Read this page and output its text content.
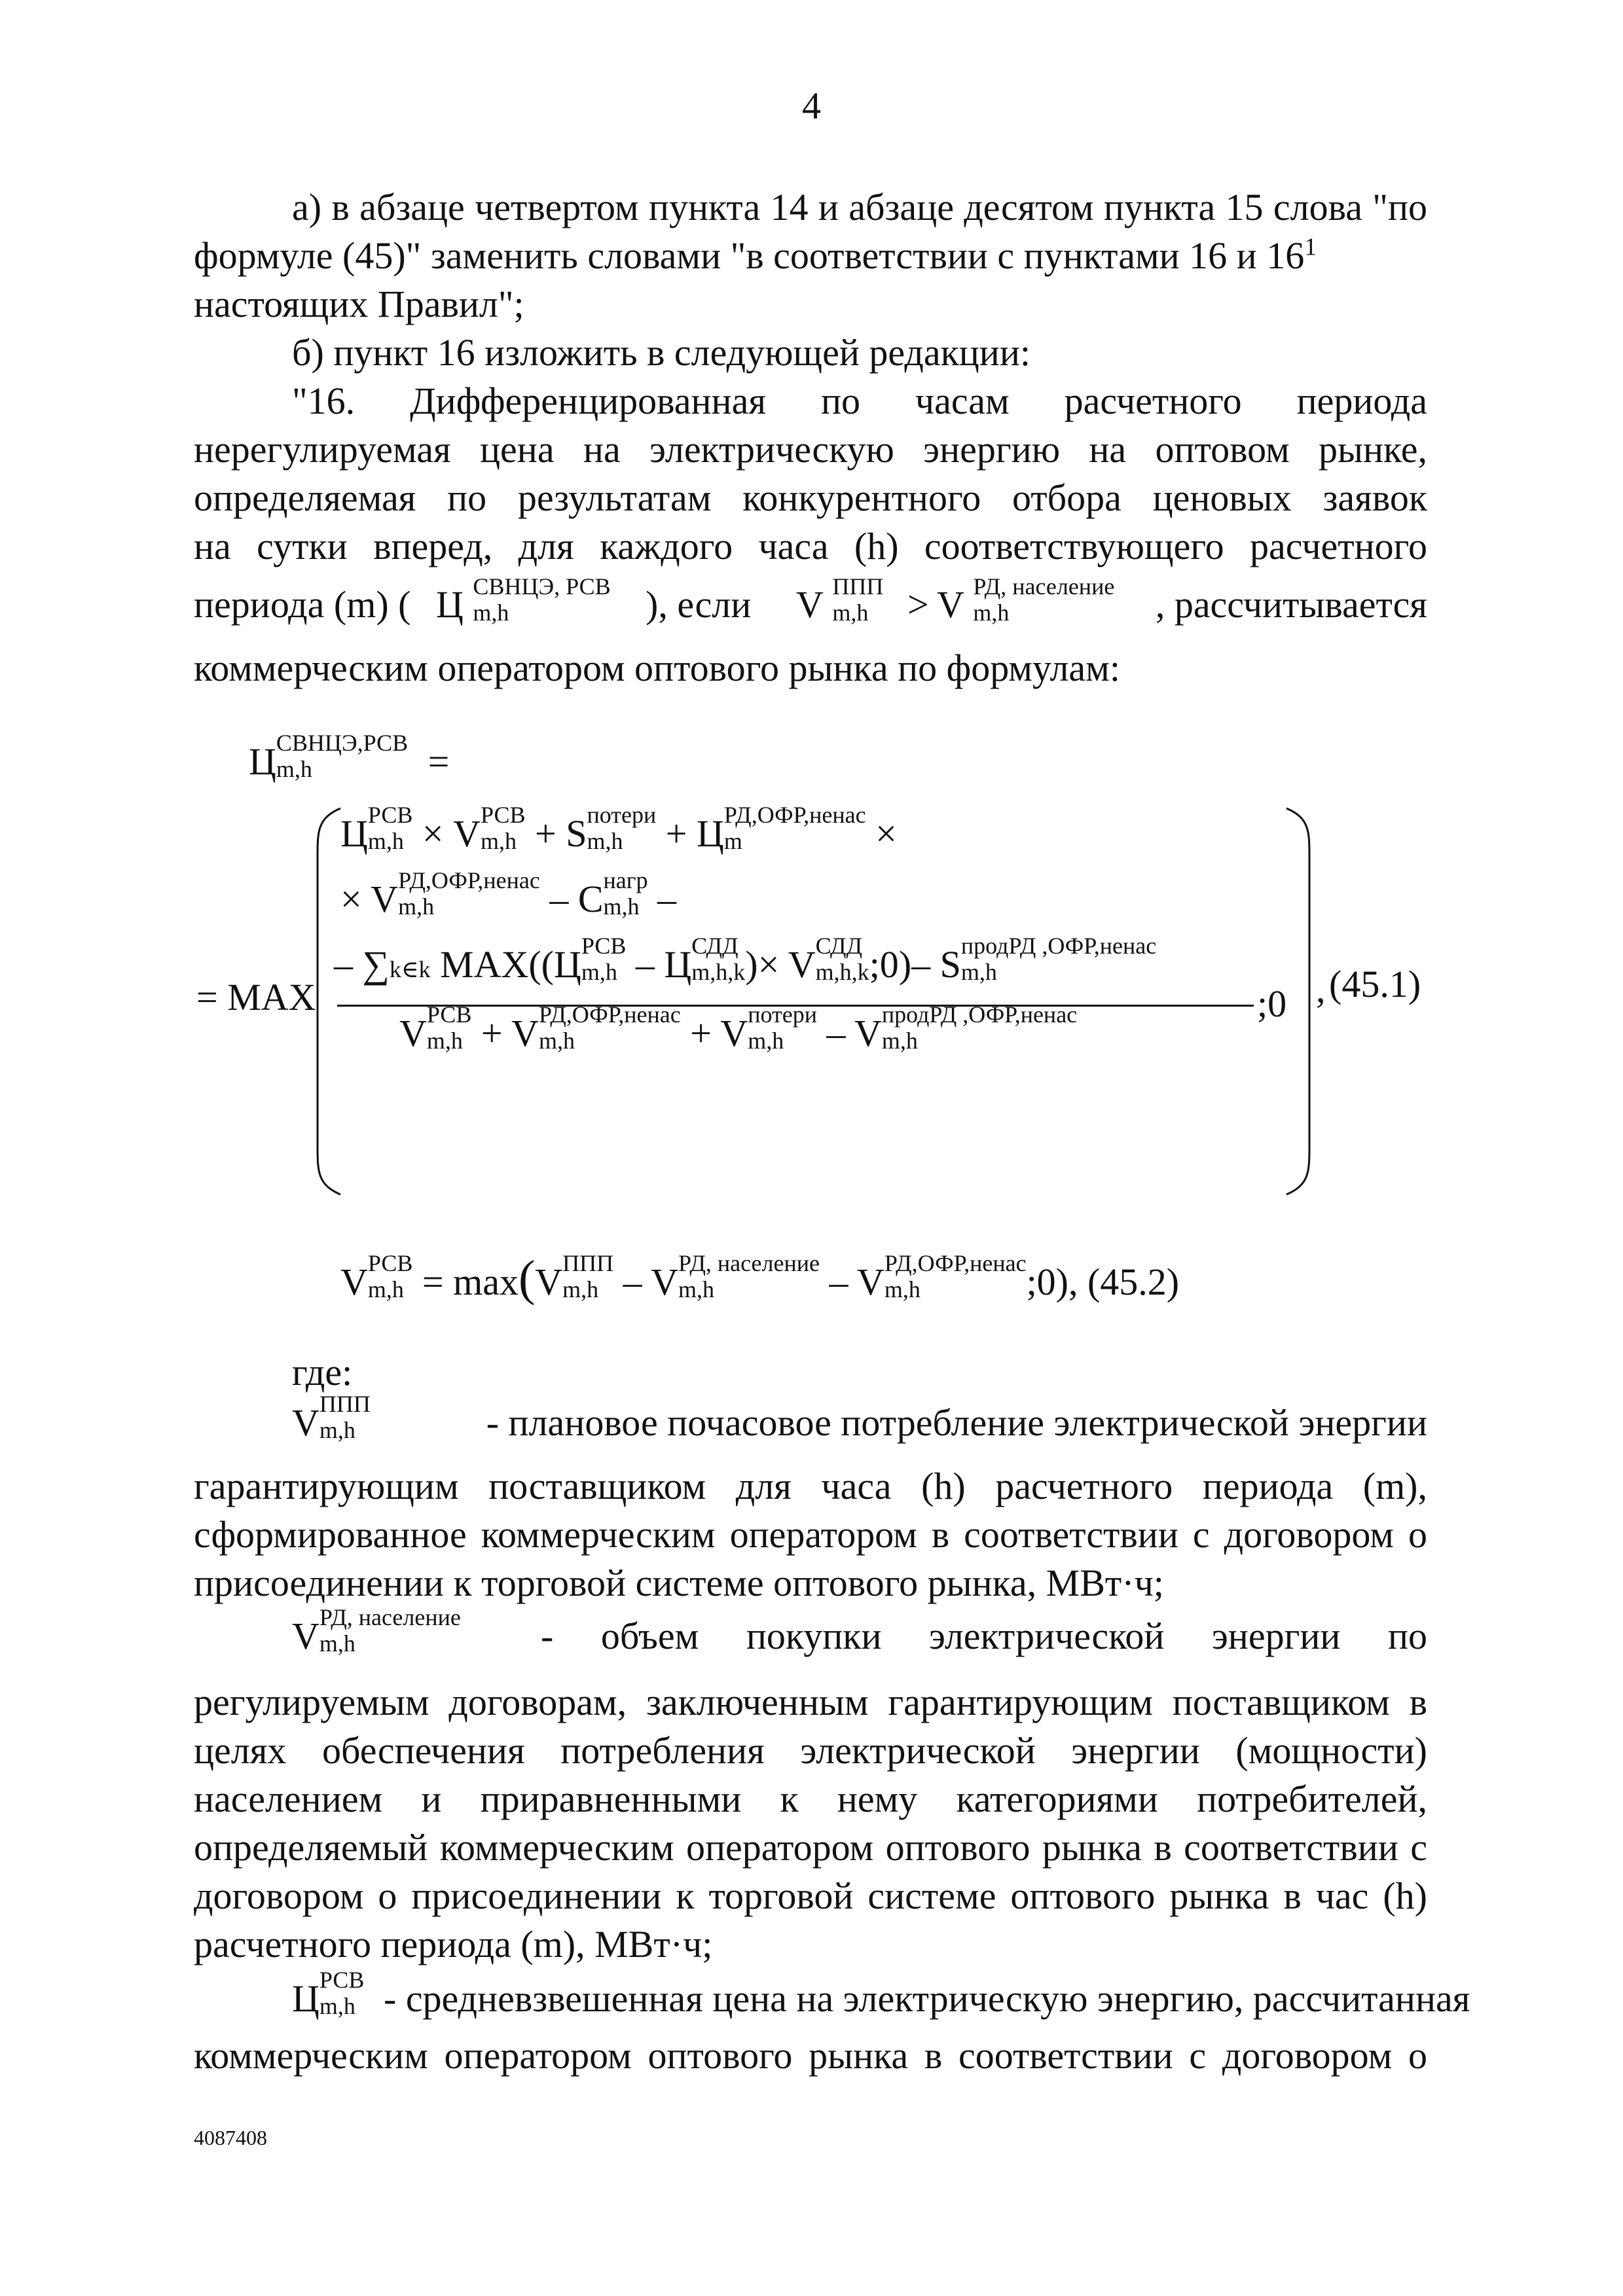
4
а) в абзаце четвертом пункта 14 и абзаце десятом пункта 15 слова "по
формуле (45)" заменить словами "в соответствии с пунктами 16 и $16^1$
настоящих Правил";
б) пункт 16 изложить в следующей редакции:
"16. Дифференцированная по часам расчетного периода
нерегулируемая цена на электрическую энергию на оптовом рынке,
определяемая по результатам конкурентного отбора ценовых заявок
на сутки вперед, для каждого часа (h) соответствующего расчетного
периода (m) ( Ц СВНЦЭ, РСВ
m,h	), если V ППП
m,h	> V РД, население
m,h	, рассчитывается
коммерческим оператором оптового рынка по формулам:
Ц СВНЦЭ,РСВ
m,h	=
Ц РСВ
m,h × V РСВ
m,h + S потери
m,h	+ Ц РД,ОФР,ненас
m	×
× V РД,ОФР,ненас
m,h	– С нагр
m,h –
– ∑k∈k MAX((Ц РСВ
m,h – Ц СДД
m,h,k )× V СДД
m,h,k ;0)– S продРД ,ОФР,ненас
m,h
= MAX	;0 , (45.1)
V РСВ
m,h + V РД,ОФР,ненас
m,h	+ V потери
m,h	– V продРД ,ОФР,ненас
m,h
V РСВ
m,h = max(V ППП
m,h – V РД, население
m,h	– V РД,ОФР,ненас
m,h	;0), (45.2)
где:
V ППП
m,h	- плановое почасовое потребление электрической энергии
гарантирующим поставщиком для часа (h) расчетного периода (m),
сформированное коммерческим оператором в соответствии с договором о
присоединении к торговой системе оптового рынка, МВт·ч;
V РД, население
m,h	- объем покупки электрической энергии по
регулируемым договорам, заключенным гарантирующим поставщиком в
целях обеспечения потребления электрической энергии (мощности)
населением и приравненными к нему категориями потребителей,
определяемый коммерческим оператором оптового рынка в соответствии с
договором о присоединении к торговой системе оптового рынка в час (h)
расчетного периода (m), МВт·ч;
Ц РСВ
m,h - средневзвешенная цена на электрическую энергию, рассчитанная
коммерческим оператором оптового рынка в соответствии с договором о
4087408
